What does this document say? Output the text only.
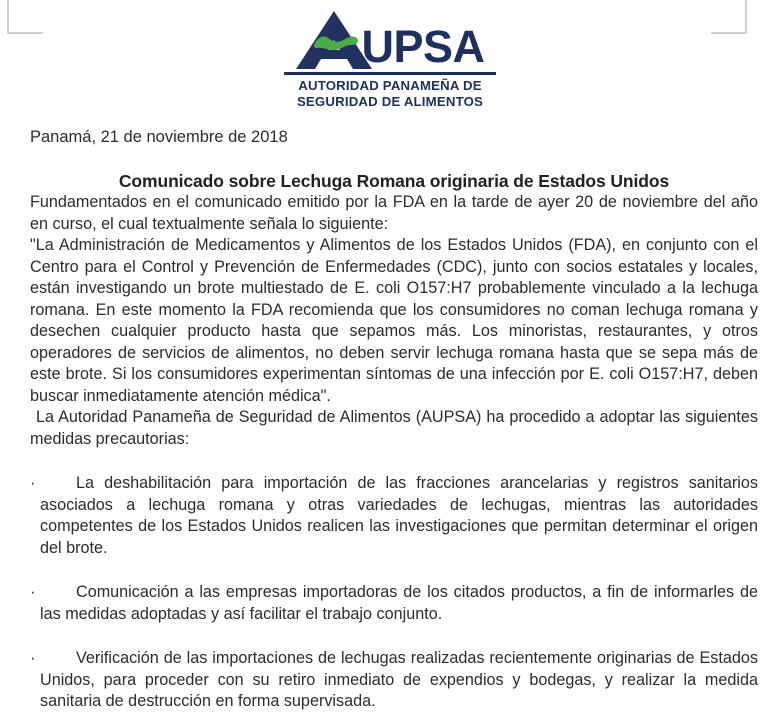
UPSA
AUTORIDAD PANAMEÑA DE
SEGURIDAD DE ALIMENTOS

Panamá, 21 de noviembre de 2018

Comunicado sobre Lechuga Romana originaria de Estados Unidos

Fundamentados en el comunicado emitido por la FDA en la tarde de ayer 20 de noviembre del año en curso, el cual textualmente señala lo siguiente:

"La Administración de Medicamentos y Alimentos de los Estados Unidos (FDA), en conjunto con el Centro para el Control y Prevención de Enfermedades (CDC), junto con socios estatales y locales, están investigando un brote multiestado de E. coli O157:H7 probablemente vinculado a la lechuga romana. En este momento la FDA recomienda que los consumidores no coman lechuga romana y desechen cualquier producto hasta que sepamos más. Los minoristas, restaurantes, y otros operadores de servicios de alimentos, no deben servir lechuga romana hasta que se sepa más de este brote. Si los consumidores experimentan síntomas de una infección por E. coli O157:H7, deben buscar inmediatamente atención médica".

La Autoridad Panameña de Seguridad de Alimentos (AUPSA) ha procedido a adoptar las siguientes medidas precautorias:

·	La deshabilitación para importación de las fracciones arancelarias y registros sanitarios asociados a lechuga romana y otras variedades de lechugas, mientras las autoridades competentes de los Estados Unidos realicen las investigaciones que permitan determinar el origen del brote.
·	Comunicación a las empresas importadoras de los citados productos, a fin de informarles de las medidas adoptadas y así facilitar el trabajo conjunto.
·	Verificación de las importaciones de lechugas realizadas recientemente originarias de Estados Unidos, para proceder con su retiro inmediato de expendios y bodegas, y realizar la medida sanitaria de destrucción en forma supervisada.
